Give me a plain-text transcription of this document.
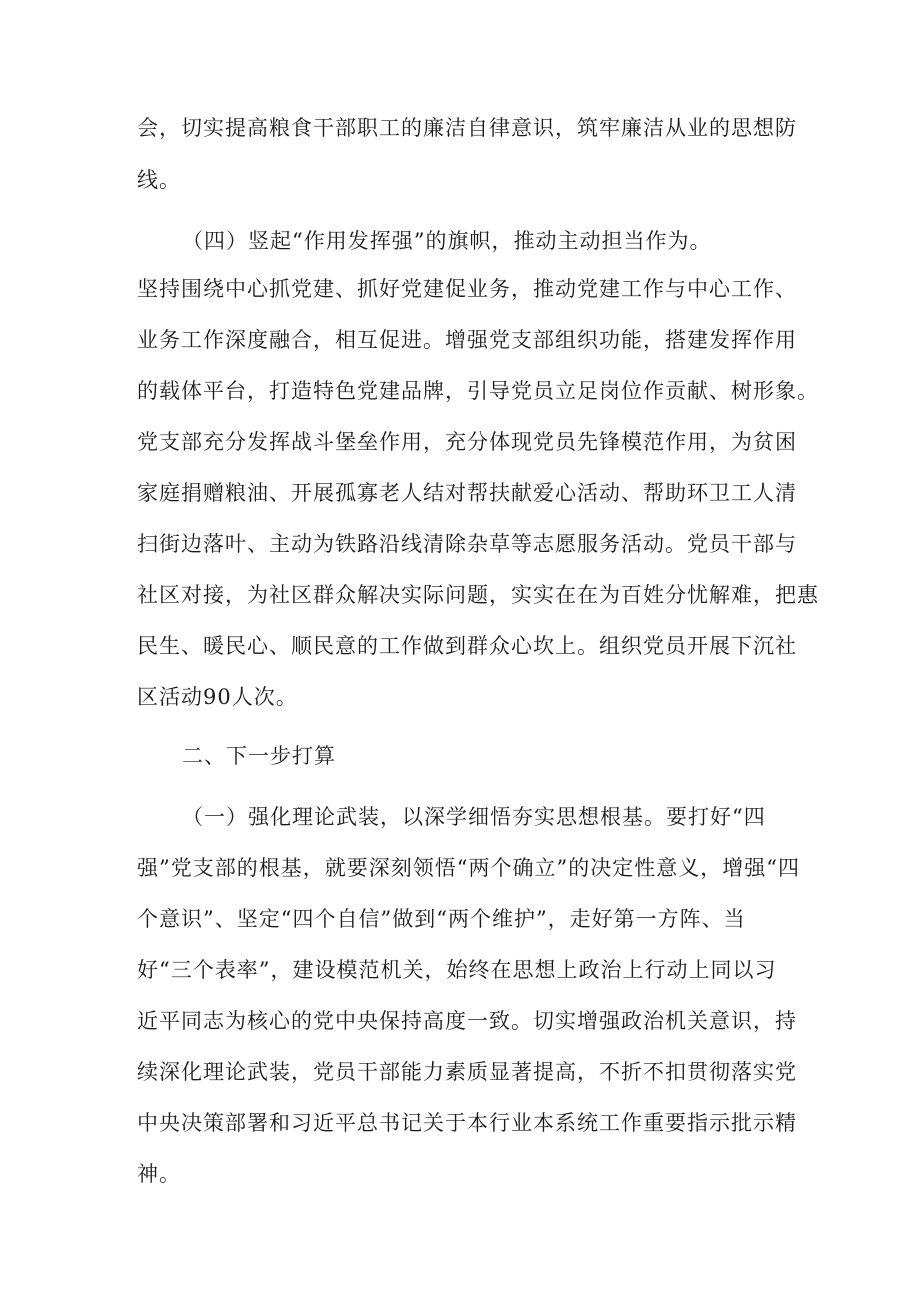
会，切实提高粮食干部职工的廉洁自律意识，筑牢廉洁从业的思想防
线。
（四）竖起“作用发挥强”的旗帜，推动主动担当作为。
坚持围绕中心抓党建、抓好党建促业务，推动党建工作与中心工作、
业务工作深度融合，相互促进。增强党支部组织功能，搭建发挥作用
的载体平台，打造特色党建品牌，引导党员立足岗位作贡献、树形象。
党支部充分发挥战斗堡垒作用，充分体现党员先锋模范作用，为贫困
家庭捐赠粮油、开展孤寡老人结对帮扶献爱心活动、帮助环卫工人清
扫街边落叶、主动为铁路沿线清除杂草等志愿服务活动。党员干部与
社区对接，为社区群众解决实际问题，实实在在为百姓分忧解难，把惠
民生、暖民心、顺民意的工作做到群众心坎上。组织党员开展下沉社
区活动90人次。
二、下一步打算
（一）强化理论武装，以深学细悟夯实思想根基。要打好“四
强”党支部的根基，就要深刻领悟“两个确立”的决定性意义，增强“四
个意识”、坚定“四个自信”做到“两个维护”，走好第一方阵、当
好“三个表率”，建设模范机关，始终在思想上政治上行动上同以习
近平同志为核心的党中央保持高度一致。切实增强政治机关意识，持
续深化理论武装，党员干部能力素质显著提高，不折不扣贯彻落实党
中央决策部署和习近平总书记关于本行业本系统工作重要指示批示精
神。
